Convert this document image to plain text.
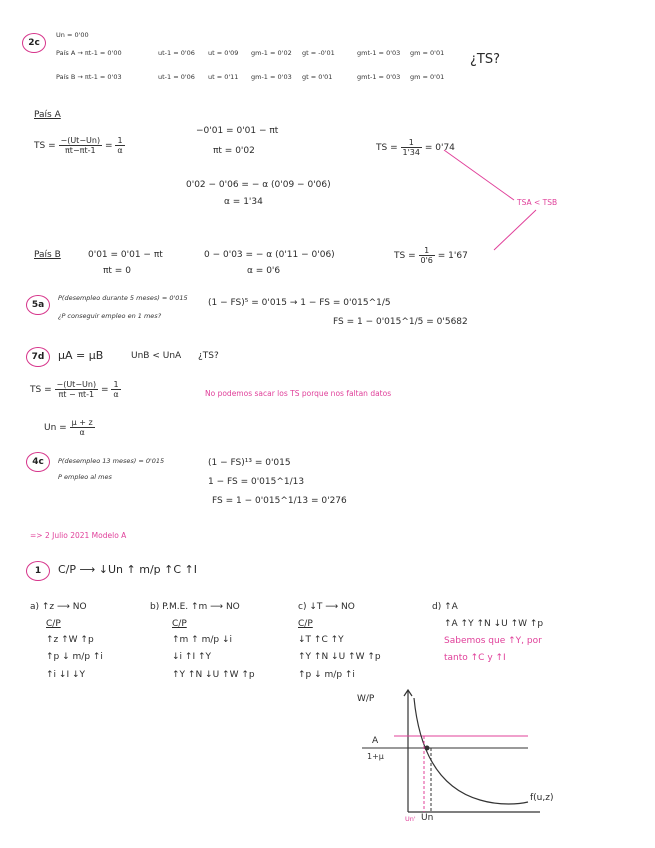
2c
Un = 0'00
País A → πt-1 = 0'00	ut-1 = 0'06 ut = 0'09 gm-1 = 0'02 gt = -0'01	gmt-1 = 0'03 gm = 0'01
País B → πt-1 = 0'03	ut-1 = 0'06 ut = 0'11 gm-1 = 0'03 gt = 0'01	gmt-1 = 0'03 gm = 0'01
¿TS?
País A
TS = $\frac{-(Ut-Un)}{\pi t-\pi t-1} = \frac{1}{\alpha}$
−0'01 = 0'01 − πt
πt = 0'02
0'02 − 0'06 = − α (0'09 − 0'06)
α = 1'34
TS = $\frac{1}{1'34} = 0'74$
TSA < TSB
País B	0'01 = 0'01 − πt
πt = 0
0 − 0'03 = − α (0'11 − 0'06)
α = 0'6
TS = $\frac{1}{0'6} = 1'67$
5a
P(desempleo durante 5 meses) = 0'015
¿P conseguir empleo en 1 mes?
(1 − FS)⁵ = 0'015 → 1 − FS = 0'015^1/5
FS = 1 − 0'015^1/5 = 0'5682
7d	μA = μB	UnB < UnA ¿TS?
TS = $\frac{-(Ut-Un)}{\pi t - \pi t-1} = \frac{1}{\alpha}$	No podemos sacar los TS porque nos faltan datos
$Un = \frac{\mu + z}{\alpha}$
4c	P(desempleo 13 meses) = 0'015
P empleo al mes
(1 − FS)¹³ = 0'015
1 − FS = 0'015^1/13
FS = 1 − 0'015^1/13 = 0'276
=> 2 Julio 2021 Modelo A
1	C/P ⟶ ↓Un ↑ m/p ↑C ↑I
a) ↑z ⟶ NO
C/P
↑z ↑W ↑p
↑p ↓ m/p ↑i
↑i ↓I ↓Y
b) P.M.E. ↑m ⟶ NO
C/P
↑m ↑ m/p ↓i
↓i ↑I ↑Y
↑Y ↑N ↓U ↑W ↑p
c) ↓T ⟶ NO
C/P
↓T ↑C ↑Y
↑Y ↑N ↓U ↑W ↑p
↑p ↓ m/p ↑i
d) ↑A
↑A ↑Y ↑N ↓U ↑W ↑p
Sabemos que ↑Y, por
tanto ↑C y ↑I
W/P
A
1+μ
f(u,z)
Un' Un
